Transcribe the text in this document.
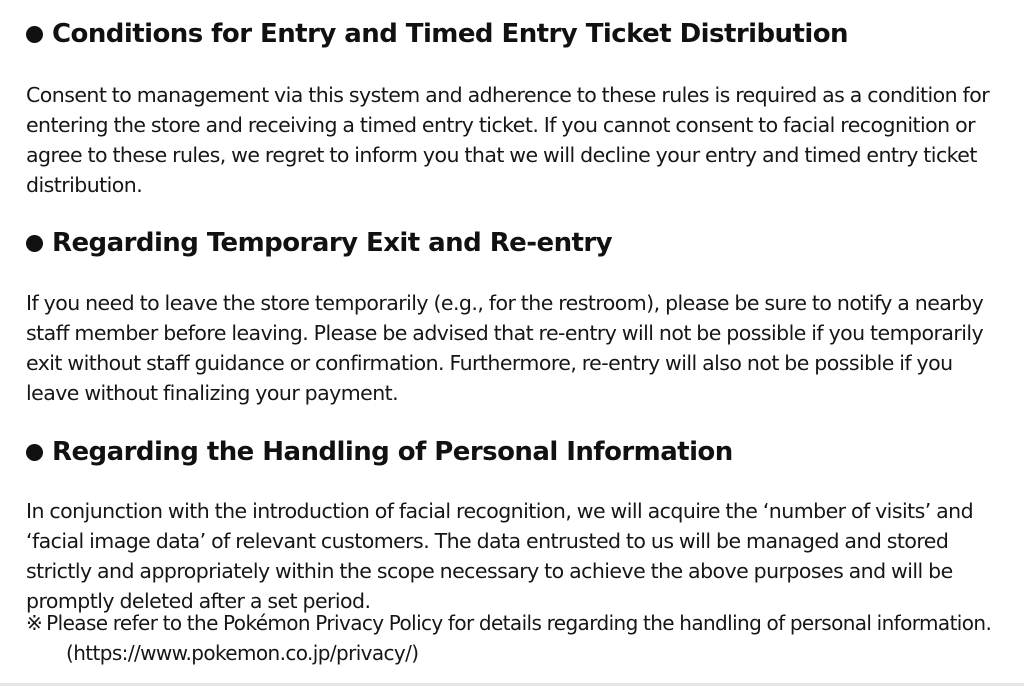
Conditions for Entry and Timed Entry Ticket Distribution

Consent to management via this system and adherence to these rules is required as a condition for entering the store and receiving a timed entry ticket. If you cannot consent to facial recognition or agree to these rules, we regret to inform you that we will decline your entry and timed entry ticket distribution.

Regarding Temporary Exit and Re-entry

If you need to leave the store temporarily (e.g., for the restroom), please be sure to notify a nearby staff member before leaving. Please be advised that re-entry will not be possible if you temporarily exit without staff guidance or confirmation. Furthermore, re-entry will also not be possible if you leave without finalizing your payment.

Regarding the Handling of Personal Information

In conjunction with the introduction of facial recognition, we will acquire the ‘number of visits’ and ‘facial image data’ of relevant customers. The data entrusted to us will be managed and stored strictly and appropriately within the scope necessary to achieve the above purposes and will be promptly deleted after a set period.

※ Please refer to the Pokémon Privacy Policy for details regarding the handling of personal information.
(https://www.pokemon.co.jp/privacy/)
